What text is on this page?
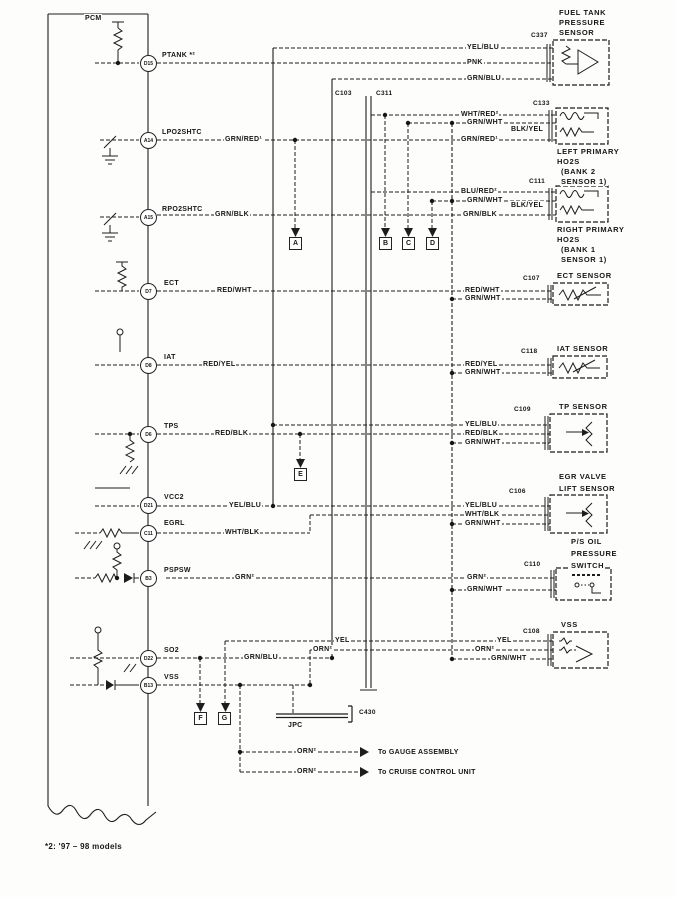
PCM
C103	C311
D15
A14
A15
D7
D8
D6
D21
C11
B3
D22
B13
PTANK *²
LPO2SHTC
RPO2SHTC
ECT
IAT
TPS
VCC2
EGRL
PSPSW
SO2
VSS
GRN/RED¹
GRN/BLK
RED/WHT
RED/YEL
RED/BLK
YEL/BLU
WHT/BLK
GRN²
GRN/BLU
FUEL TANK
PRESSURE
SENSOR
C337
YEL/BLU
PNK
GRN/BLU
C133
WHT/RED²
GRN/WHT
BLK/YEL
GRN/RED¹
LEFT PRIMARY
HO2S
(BANK 2
SENSOR 1)
C111
BLU/RED²
GRN/WHT
BLK/YEL
GRN/BLK
RIGHT PRIMARY
HO2S
(BANK 1
SENSOR 1)
ECT SENSOR
C107
RED/WHT
GRN/WHT
IAT SENSOR
C118
RED/YEL
GRN/WHT
TP SENSOR
C109
YEL/BLU
RED/BLK
GRN/WHT
EGR VALVE
LIFT SENSOR
C106
YEL/BLU
WHT/BLK
GRN/WHT
P/S OIL
PRESSURE
SWITCH
C110
GRN²
GRN/WHT
VSS
C108
YEL
ORN²
GRN/WHT
YEL
ORN²
A	B	C	D
E
F	G
JPC
C430
ORN²	To GAUGE ASSEMBLY
ORN²	To CRUISE CONTROL UNIT
*2: '97 – 98 models
